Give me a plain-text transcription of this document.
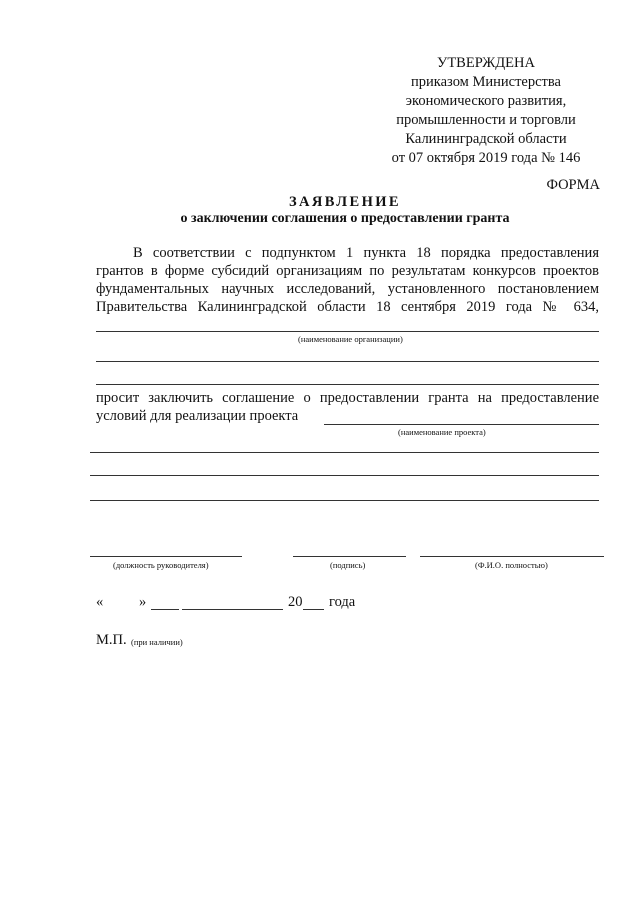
УТВЕРЖДЕНА
приказом Министерства
экономического развития,
промышленности и торговли
Калининградской области
от 07 октября 2019 года № 146
ФОРМА
ЗАЯВЛЕНИЕ
о заключении соглашения о предоставлении гранта
В соответствии с подпунктом 1 пункта 18 порядка предоставления
грантов в форме субсидий организациям по результатам конкурсов проектов
фундаментальных научных исследований, установленного постановлением
Правительства Калининградской области 18 сентября 2019 года № 634,
(наименование организации)
просит заключить соглашение о предоставлении гранта на предоставление
условий для реализации проекта
(наименование проекта)
(должность руководителя)	(подпись)	(Ф.И.О. полностью)
« »	20 года
М.П. (при наличии)
